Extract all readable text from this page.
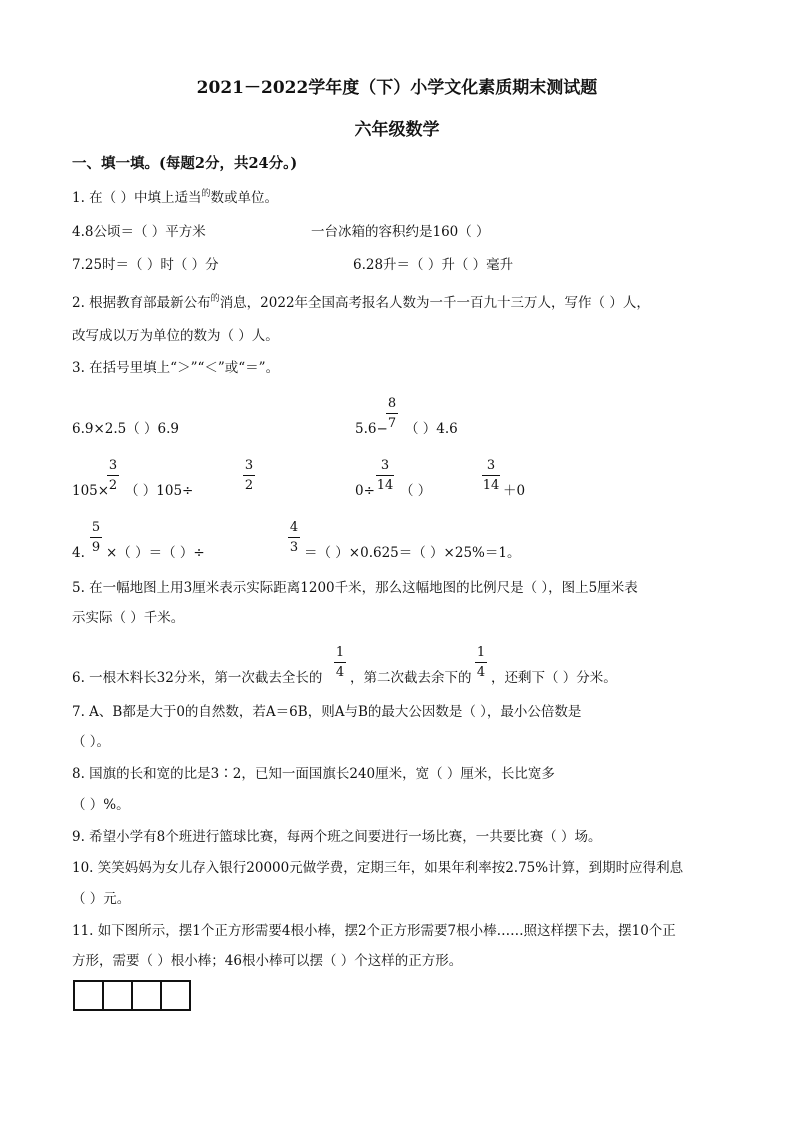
2021－2022学年度（下）小学文化素质期末测试题
六年级数学
一、填一填。(每题2分，共24分。)
1. 在（ ）中填上适当$^的$数或单位。
4.8公顷＝（ ）平方米	一台冰箱的容积约是160（ ）
7.25时＝（ ）时（ ）分	6.28升＝（ ）升（ ）毫升
2. 根据教育部最新公布$^的$消息，2022年全国高考报名人数为一千一百九十三万人，写作（ ）人，
改写成以万为单位的数为（ ）人。
3. 在括号里填上“＞”“＜”或“＝”。
6.9×2.5（ ）6.9	5.6−
8
7 （ ）4.6
105×
3
2 （ ）105÷
3
2	0÷
3
14 （ ）
3
14 ＋0
4.
5
9 ×（ ）＝（ ）÷
4
3 ＝（ ）×0.625＝（ ）×25%＝1。
5. 在一幅地图上用3厘米表示实际距离1200千米，那么这幅地图的比例尺是（ ），图上5厘米表
示实际（ ）千米。
6. 一根木料长32分米，第一次截去全长的
1
4 ，第二次截去余下的
1
4 ，还剩下（ ）分米。
7. A、B都是大于0的自然数，若A＝6B，则A与B的最大公因数是（ ），最小公倍数是
（ ）。
8. 国旗的长和宽的比是3∶2，已知一面国旗长240厘米，宽（ ）厘米，长比宽多
（ ）%。
9. 希望小学有8个班进行篮球比赛，每两个班之间要进行一场比赛，一共要比赛（ ）场。
10. 笑笑妈妈为女儿存入银行20000元做学费，定期三年，如果年利率按2.75%计算，到期时应得利息
（ ）元。
11. 如下图所示，摆1个正方形需要4根小棒，摆2个正方形需要7根小棒……照这样摆下去，摆10个正
方形，需要（ ）根小棒；46根小棒可以摆（ ）个这样的正方形。
